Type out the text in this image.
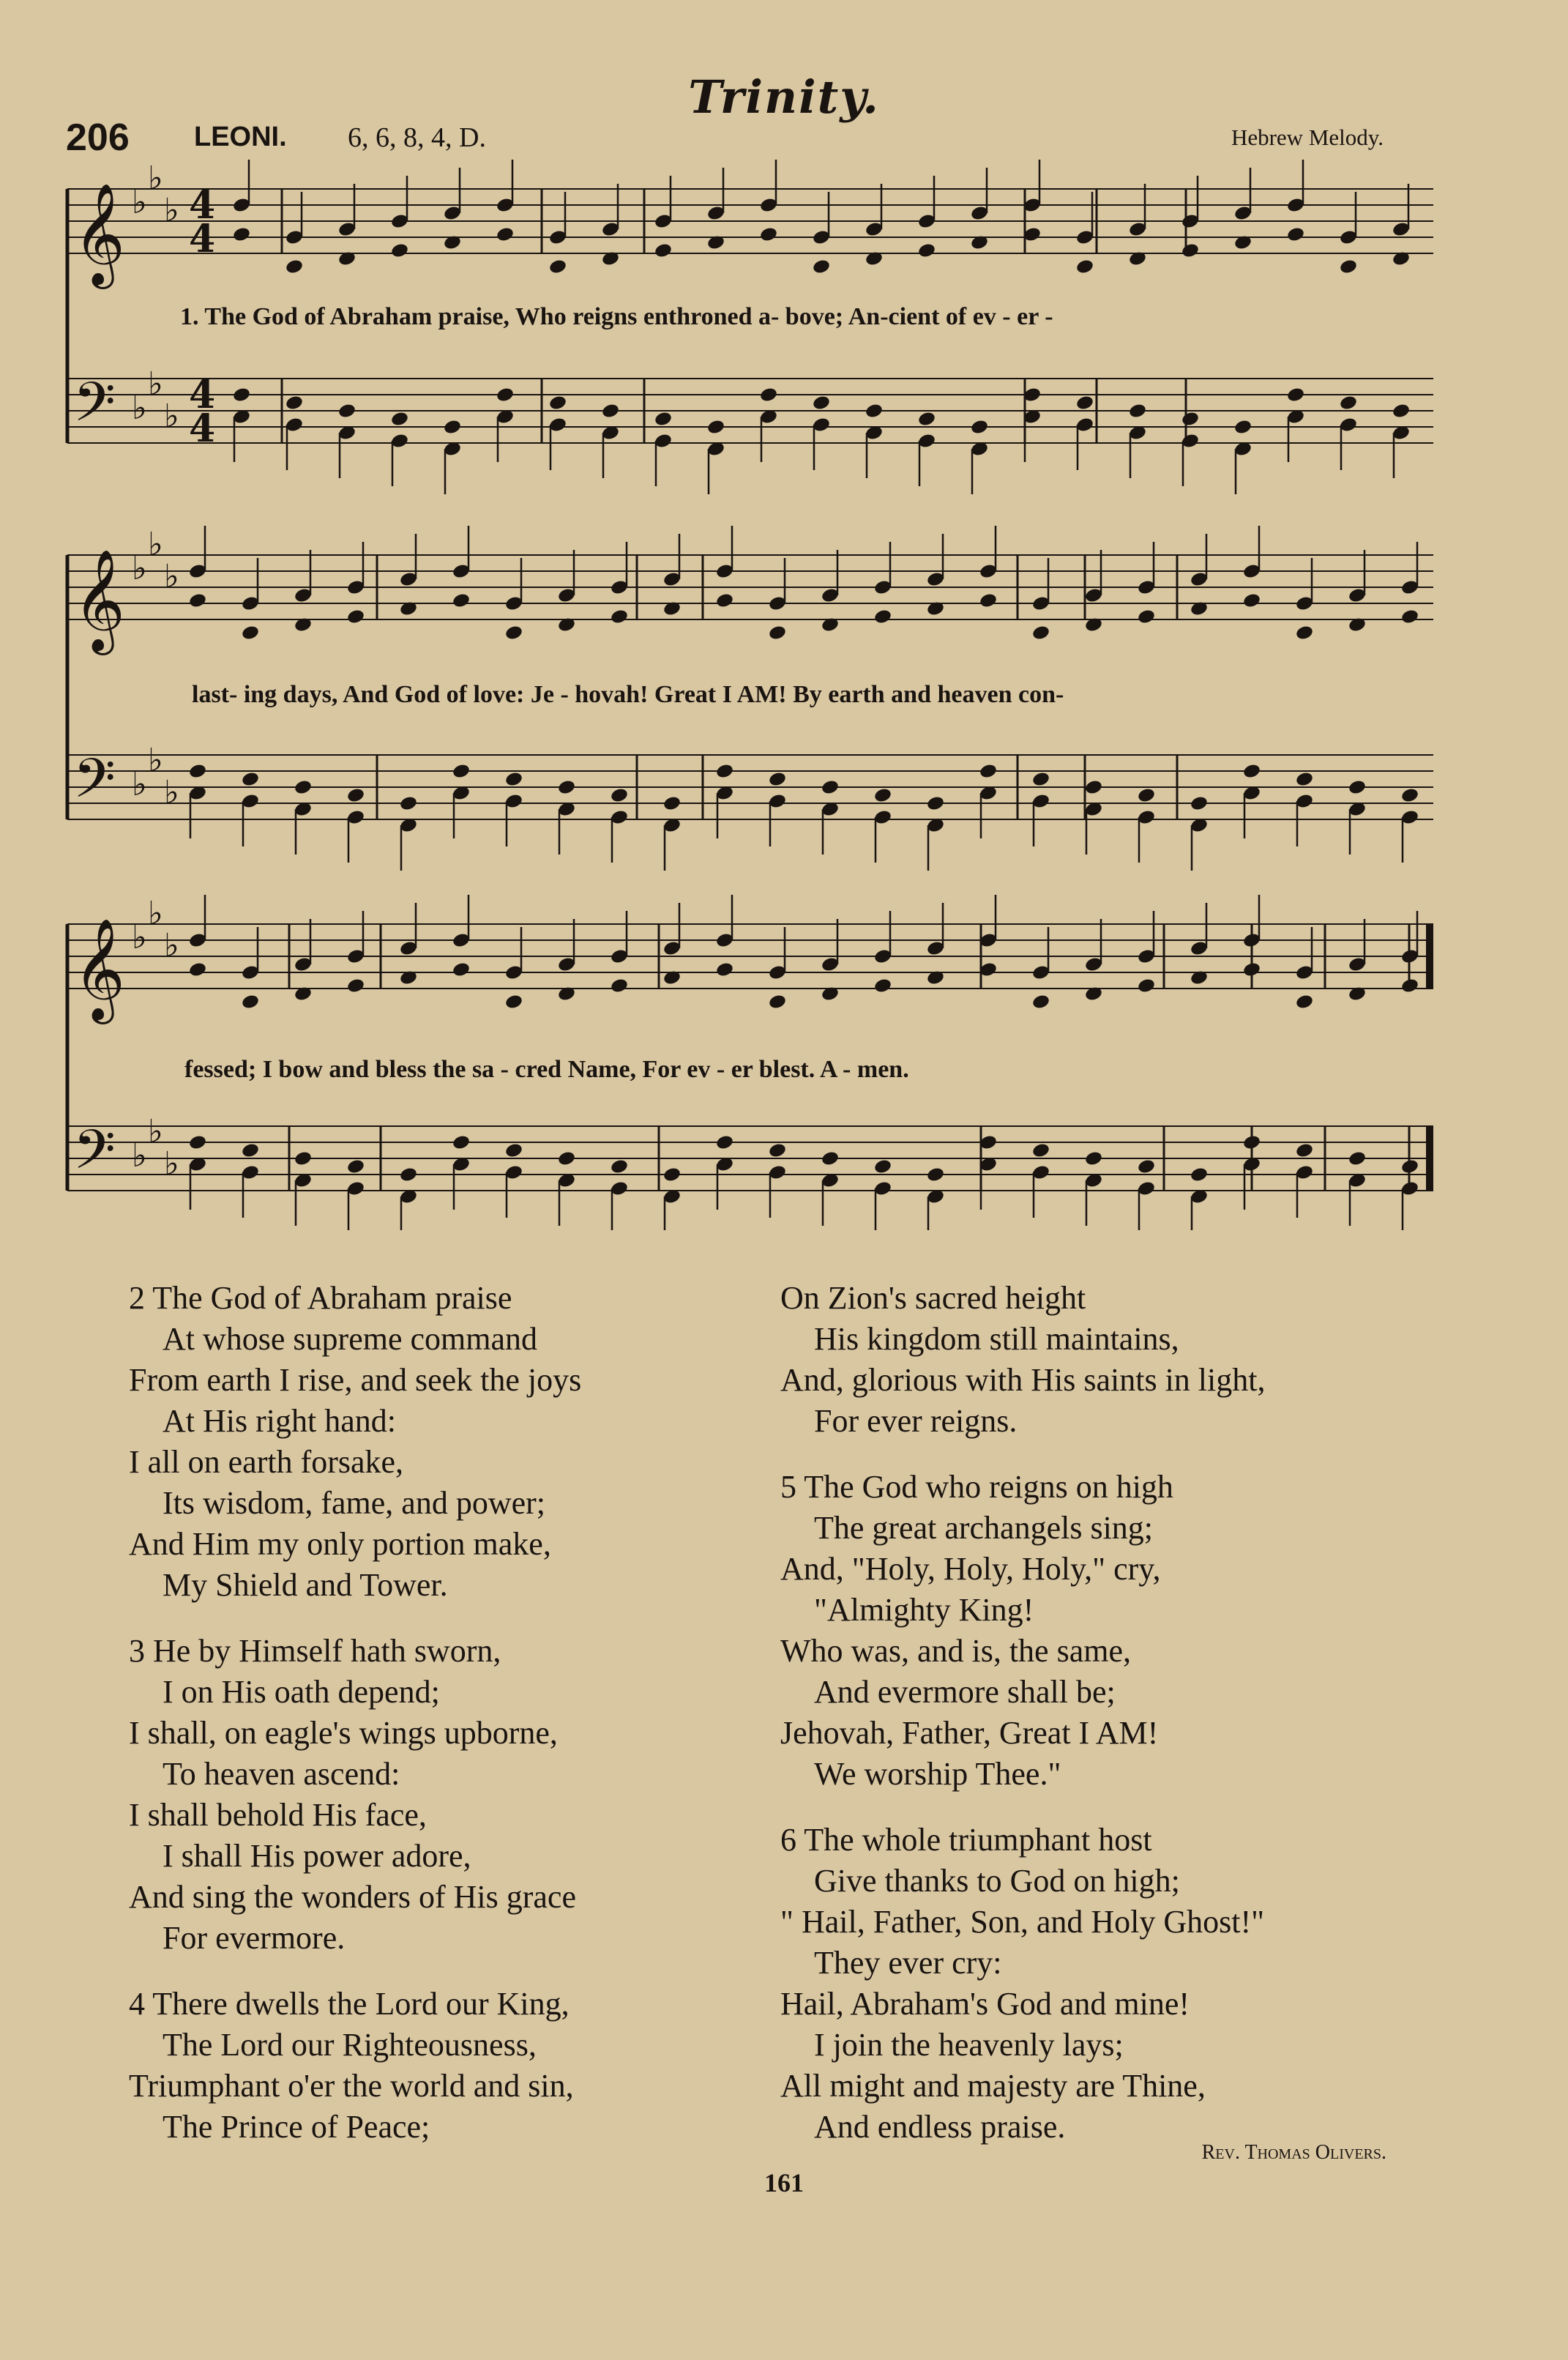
Trinity.
206 LEONI. 6, 6, 8, 4, D.	Hebrew Melody.
𝄞
𝄢
♭
♭
♭
♭
♭
♭
𝄞
𝄢
♭
♭
♭
♭
♭
♭
𝄞
𝄢
♭
♭
♭
♭
♭
♭
4
4
4
4
1. The God of Abraham praise, Who reigns enthroned a- bove; An-cient of ev - er -
last- ing days, And God of love: Je - hovah! Great I AM! By earth and heaven con-
fessed; I bow and bless the sa - cred Name, For ev - er blest. A - men.
2 The God of Abraham praise
At whose supreme command
From earth I rise, and seek the joys
At His right hand:
I all on earth forsake,
Its wisdom, fame, and power;
And Him my only portion make,
My Shield and Tower.
3 He by Himself hath sworn,
I on His oath depend;
I shall, on eagle's wings upborne,
To heaven ascend:
I shall behold His face,
I shall His power adore,
And sing the wonders of His grace
For evermore.
4 There dwells the Lord our King,
The Lord our Righteousness,
Triumphant o'er the world and sin,
The Prince of Peace;
On Zion's sacred height
His kingdom still maintains,
And, glorious with His saints in light,
For ever reigns.
5 The God who reigns on high
The great archangels sing;
And, "Holy, Holy, Holy," cry,
"Almighty King!
Who was, and is, the same,
And evermore shall be;
Jehovah, Father, Great I AM!
We worship Thee."
6 The whole triumphant host
Give thanks to God on high;
" Hail, Father, Son, and Holy Ghost!"
They ever cry:
Hail, Abraham's God and mine!
I join the heavenly lays;
All might and majesty are Thine,
And endless praise.
Rev. Thomas Olivers.
161
